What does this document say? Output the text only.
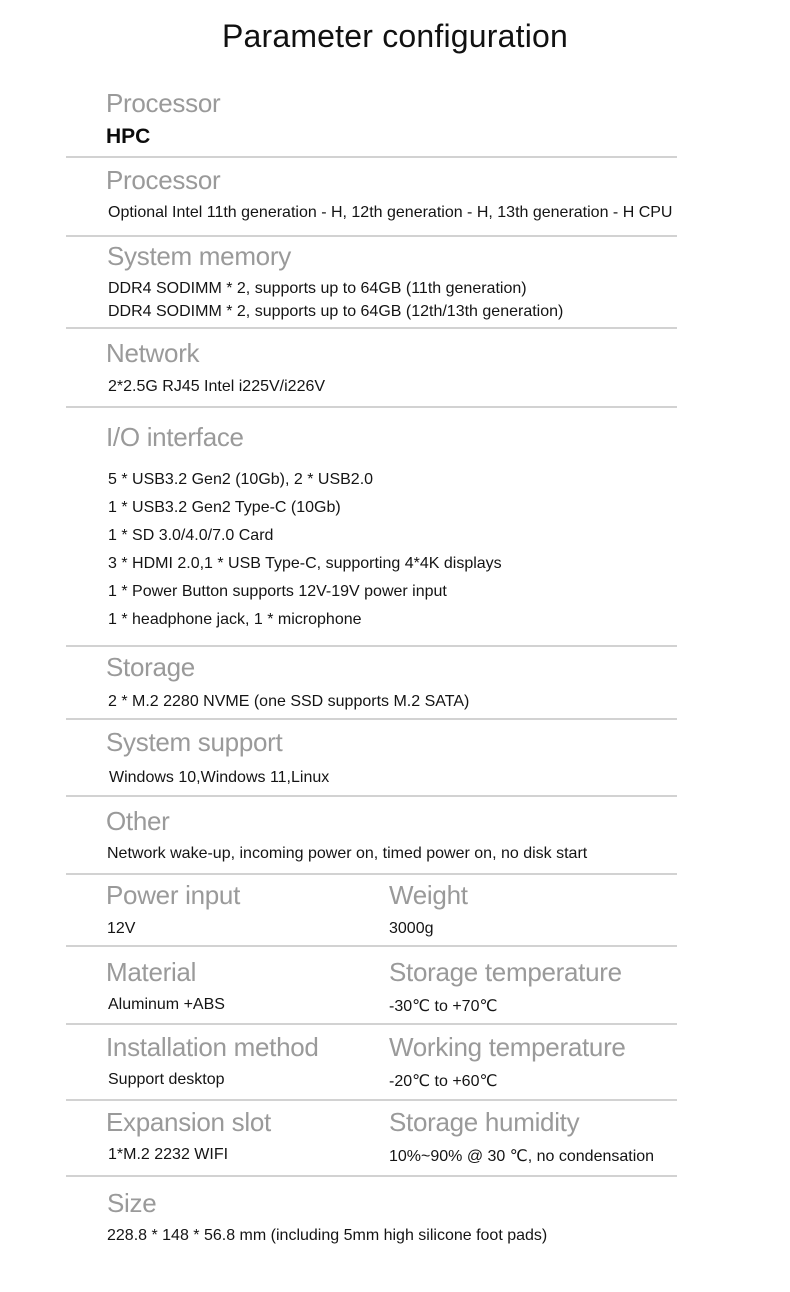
Parameter configuration
Processor
HPC
Processor
Optional Intel 11th generation - H, 12th generation - H, 13th generation - H CPU
System memory
DDR4 SODIMM * 2, supports up to 64GB (11th generation)
DDR4 SODIMM * 2, supports up to 64GB (12th/13th generation)
Network
2*2.5G RJ45 Intel i225V/i226V
I/O interface
5 * USB3.2 Gen2 (10Gb), 2 * USB2.0
1 * USB3.2 Gen2 Type-C (10Gb)
1 * SD 3.0/4.0/7.0 Card
3 * HDMI 2.0,1 * USB Type-C, supporting 4*4K displays
1 * Power Button supports 12V-19V power input
1 * headphone jack, 1 * microphone
Storage
2 * M.2 2280 NVME (one SSD supports M.2 SATA)
System support
Windows 10,Windows 11,Linux
Other
Network wake-up, incoming power on, timed power on, no disk start
Power input
12V
Weight
3000g
Material
Aluminum +ABS
Storage temperature
-30℃ to +70℃
Installation method
Support desktop
Working temperature
-20℃ to +60℃
Expansion slot
1*M.2 2232 WIFI
Storage humidity
10%~90% @ 30 ℃, no condensation
Size
228.8 * 148 * 56.8 mm (including 5mm high silicone foot pads)
